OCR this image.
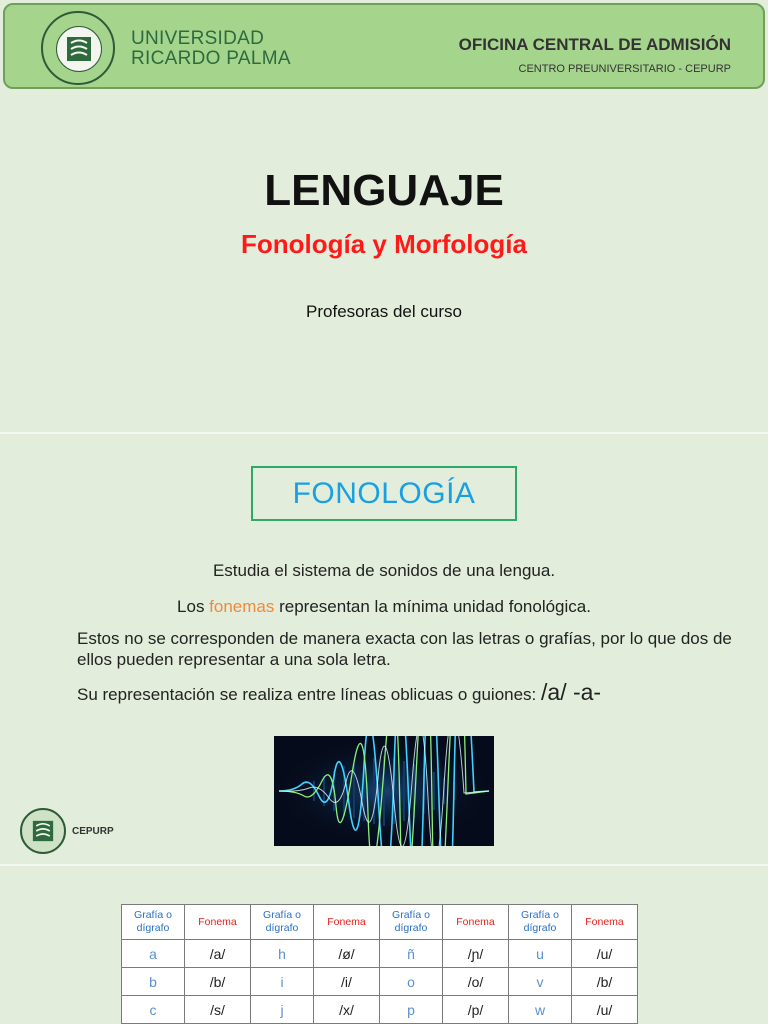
UNIVERSIDAD
RICARDO PALMA
OFICINA CENTRAL DE ADMISIÓN
CENTRO PREUNIVERSITARIO - CEPURP
LENGUAJE
Fonología y Morfología
Profesoras del curso
FONOLOGÍA
Estudia el sistema de sonidos de una lengua.
Los fonemas representan la mínima unidad fonológica.
Estos no se corresponden de manera exacta con las letras o grafías, por lo que dos de ellos pueden representar a una sola letra.
Su representación se realiza entre líneas oblicuas o guiones: /a/ -a-
CEPURP
Grafía o dígrafo	Fonema	Grafía o dígrafo	Fonema	Grafía o dígrafo	Fonema	Grafía o dígrafo	Fonema
a	/a/	h	/ø/	ñ	/ɲ/	u	/u/
b	/b/	i	/i/	o	/o/	v	/b/
c	/s/	j	/x/	p	/p/	w	/u/
